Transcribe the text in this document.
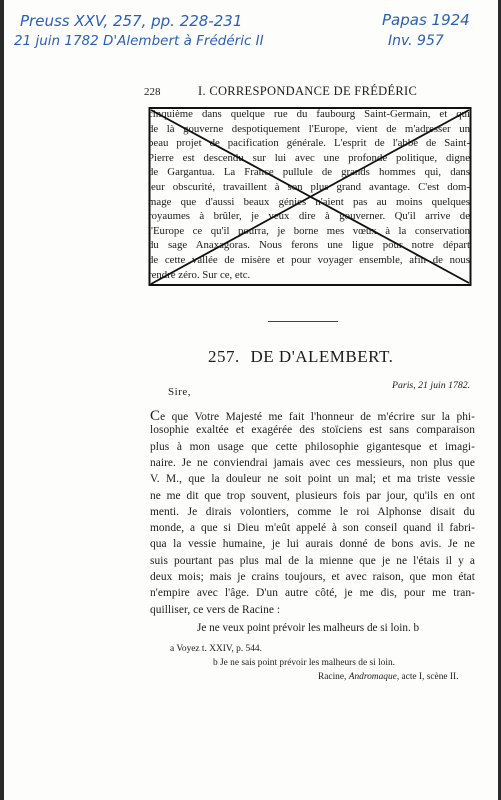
Preuss XXV, 257, pp. 228-231
21 juin 1782 D'Alembert à Frédéric II
Papas 1924
Inv. 957
228	I. CORRESPONDANCE DE FRÉDÉRIC
cinquième dans quelque rue du faubourg Saint-Germain, et qui
de là gouverne despotiquement l'Europe, vient de m'adresser un
beau projet de pacification générale. L'esprit de l'abbé de Saint-
Pierre est descendu sur lui avec une profonde politique, digne
de Gargantua. La France pullule de grands hommes qui, dans
leur obscurité, travaillent à son plus grand avantage. C'est dom-
mage que d'aussi beaux génies n'aient pas au moins quelques
royaumes à brûler, je veux dire à gouverner. Qu'il arrive de
l'Europe ce qu'il pourra, je borne mes vœux à la conservation
du sage Anaxagoras. Nous ferons une ligue pour notre départ
de cette vallée de misère et pour voyager ensemble, afin de nous
rendre zéro. Sur ce, etc.
257. DE D'ALEMBERT.
Paris, 21 juin 1782.
Sire,
Ce que Votre Majesté me fait l'honneur de m'écrire sur la phi-
losophie exaltée et exagérée des stoïciens est sans comparaison
plus à mon usage que cette philosophie gigantesque et imagi-
naire. Je ne conviendrai jamais avec ces messieurs, non plus que
V. M., que la douleur ne soit point un mal; et ma triste vessie
ne me dit que trop souvent, plusieurs fois par jour, qu'ils en ont
menti. Je dirais volontiers, comme le roi Alphonse disait du
monde, a que si Dieu m'eût appelé à son conseil quand il fabri-
qua la vessie humaine, je lui aurais donné de bons avis. Je ne
suis pourtant pas plus mal de la mienne que je ne l'étais il y a
deux mois; mais je crains toujours, et avec raison, que mon état
n'empire avec l'âge. D'un autre côté, je me dis, pour me tran-
quilliser, ce vers de Racine :
Je ne veux point prévoir les malheurs de si loin. b
a Voyez t. XXIV, p. 544.
b Je ne sais point prévoir les malheurs de si loin.
Racine, Andromaque, acte I, scène II.
